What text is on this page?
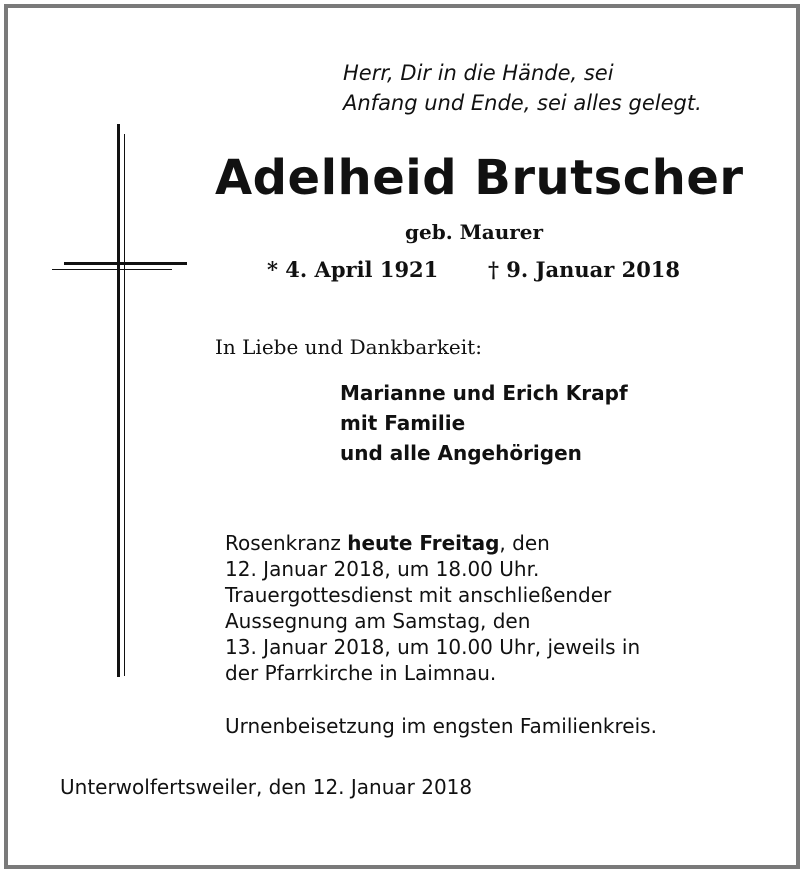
Herr, Dir in die Hände, sei
Anfang und Ende, sei alles gelegt.
Adelheid Brutscher
geb. Maurer
* 4. April 1921 † 9. Januar 2018
In Liebe und Dankbarkeit:
Marianne und Erich Krapf
mit Familie
und alle Angehörigen
Rosenkranz heute Freitag, den
12. Januar 2018, um 18.00 Uhr.
Trauergottesdienst mit anschließender
Aussegnung am Samstag, den
13. Januar 2018, um 10.00 Uhr, jeweils in
der Pfarrkirche in Laimnau.
Urnenbeisetzung im engsten Familienkreis.
Unterwolfertsweiler, den 12. Januar 2018
